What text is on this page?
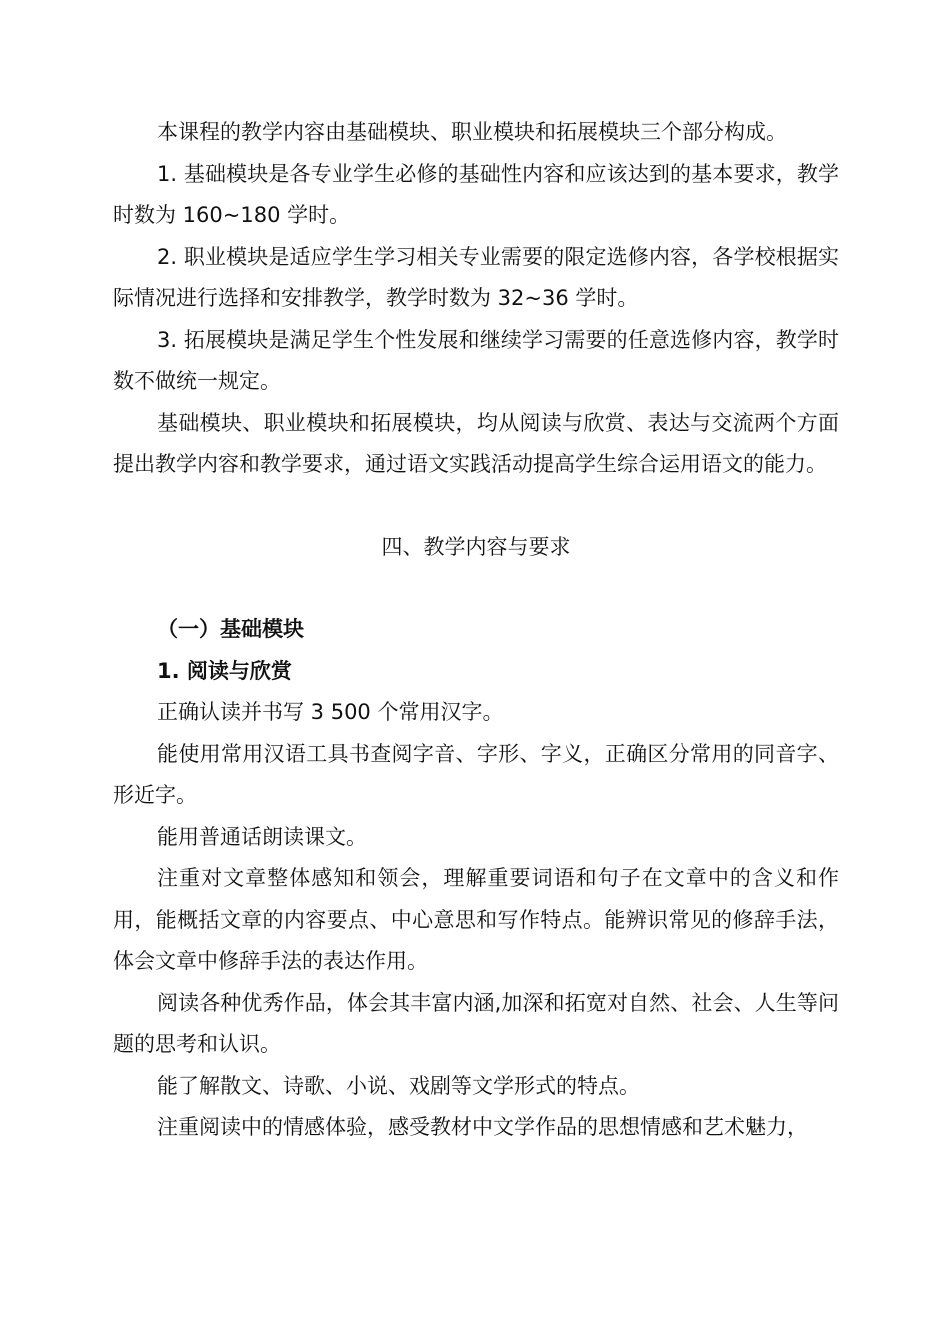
本课程的教学内容由基础模块、职业模块和拓展模块三个部分构成。

1. 基础模块是各专业学生必修的基础性内容和应该达到的基本要求，教学时数为 160~180 学时。

2. 职业模块是适应学生学习相关专业需要的限定选修内容，各学校根据实际情况进行选择和安排教学，教学时数为 32~36 学时。

3. 拓展模块是满足学生个性发展和继续学习需要的任意选修内容，教学时数不做统一规定。

基础模块、职业模块和拓展模块，均从阅读与欣赏、表达与交流两个方面提出教学内容和教学要求，通过语文实践活动提高学生综合运用语文的能力。

四、教学内容与要求

（一）基础模块

1. 阅读与欣赏

正确认读并书写 3 500 个常用汉字。

能使用常用汉语工具书查阅字音、字形、字义，正确区分常用的同音字、形近字。

能用普通话朗读课文。

注重对文章整体感知和领会，理解重要词语和句子在文章中的含义和作用，能概括文章的内容要点、中心意思和写作特点。能辨识常见的修辞手法，体会文章中修辞手法的表达作用。

阅读各种优秀作品，体会其丰富内涵,加深和拓宽对自然、社会、人生等问题的思考和认识。

能了解散文、诗歌、小说、戏剧等文学形式的特点。

注重阅读中的情感体验，感受教材中文学作品的思想情感和艺术魅力，
